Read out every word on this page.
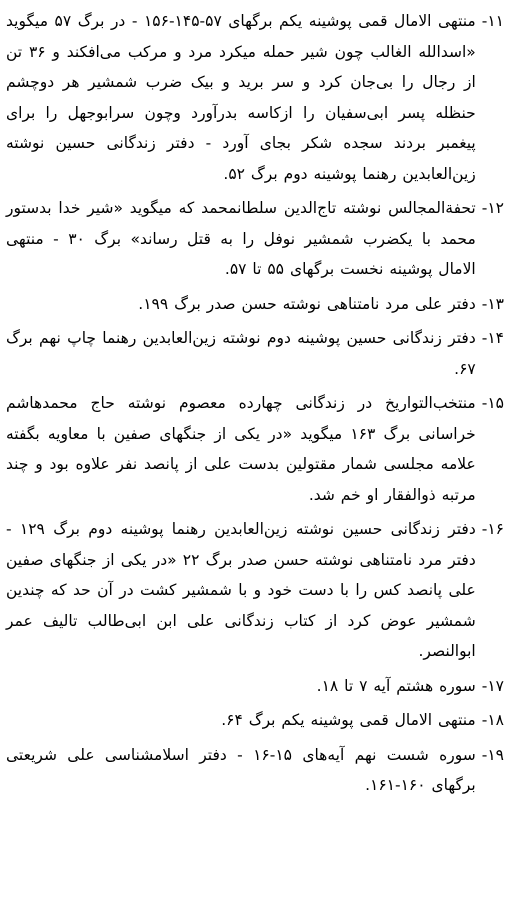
۱۱-
منتهی الامال قمی پوشینه یکم برگهای ۵۷-۱۴۵-۱۵۶ - در برگ ۵۷ میگوید «اسدالله الغالب چون شیر حمله میکرد مرد و مرکب می‌افکند و ۳۶ تن از رجال را بی‌جان کرد و سر برید و بیک ضرب شمشیر هر دوچشم حنظله پسر ابی‌سفیان را ازکاسه بدرآورد وچون سرابوجهل را برای پیغمبر بردند سجده شکر بجای آورد - دفتر زندگانی حسین نوشته زین‌العابدین رهنما پوشینه دوم برگ ۵۲.
۱۲-
تحفة‌المجالس نوشته تاج‌الدین سلطانمحمد که میگوید «شیر خدا بدستور محمد با یکضرب شمشیر نوفل را به قتل رساند» برگ ۳۰ - منتهی الامال پوشینه نخست برگهای ۵۵ تا ۵۷.
۱۳-
دفتر علی مرد نامتناهی نوشته حسن صدر برگ ۱۹۹.
۱۴-
دفتر زندگانی حسین پوشینه دوم نوشته زین‌العابدین رهنما چاپ نهم برگ ۶۷.
۱۵-
منتخب‌التواریخ در زندگانی چهارده معصوم نوشته حاج محمدهاشم خراسانی برگ ۱۶۳ میگوید «در یکی از جنگهای صفین با معاویه بگفته علامه مجلسی شمار مقتولین بدست علی از پانصد نفر علاوه بود و چند مرتبه ذوالفقار او خم شد.
۱۶-
دفتر زندگانی حسین نوشته زین‌العابدین رهنما پوشینه دوم برگ ۱۲۹ - دفتر مرد نامتناهی نوشته حسن صدر برگ ۲۲ «در یکی از جنگهای صفین علی پانصد کس را با دست خود و با شمشیر کشت در آن حد که چندین شمشیر عوض کرد از کتاب زندگانی علی ابن ابی‌طالب تالیف عمر ابوالنصر.
۱۷-
سوره هشتم آیه ۷ تا ۱۸.
۱۸-
منتهی الامال قمی پوشینه یکم برگ ۶۴.
۱۹-
سوره شست نهم آیه‌های ۱۵-۱۶ - دفتر اسلامشناسی علی شریعتی برگهای ۱۶۰-۱۶۱.
